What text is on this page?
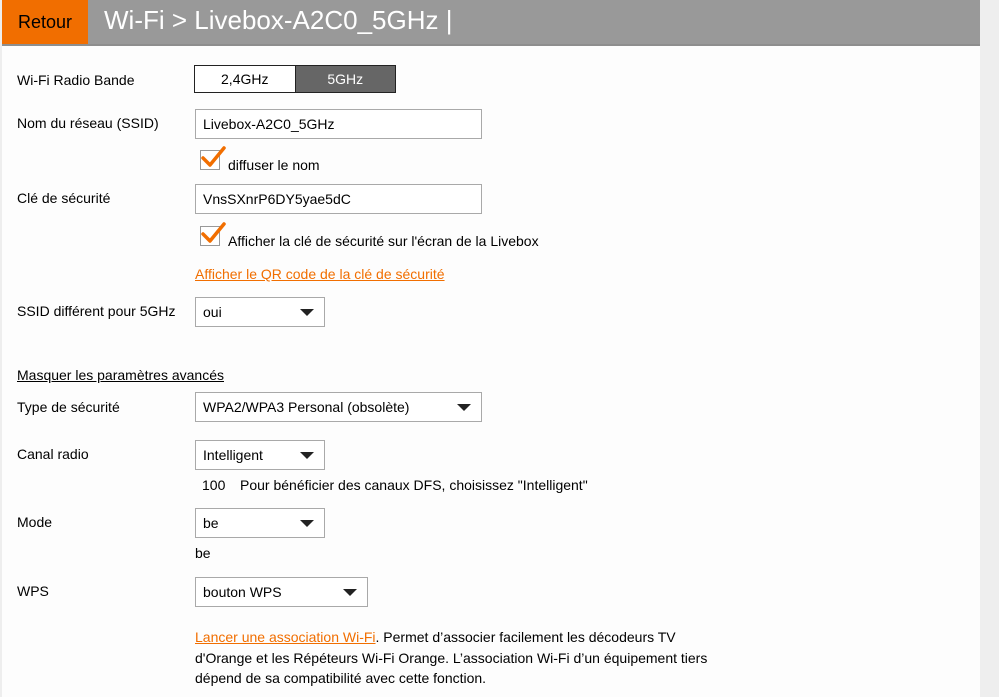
Retour	Wi-Fi > Livebox-A2C0_5GHz |
Wi-Fi Radio Bande	2,4GHz	5GHz
Nom du réseau (SSID)	Livebox-A2C0_5GHz
diffuser le nom
Clé de sécurité	VnsSXnrP6DY5yae5dC
Afficher la clé de sécurité sur l'écran de la Livebox
Afficher le QR code de la clé de sécurité
SSID différent pour 5GHz oui
Masquer les paramètres avancés
Type de sécurité	WPA2/WPA3 Personal (obsolète)
Canal radio	Intelligent
100 Pour bénéficier des canaux DFS, choisissez "Intelligent"
Mode	be
be
WPS	bouton WPS
Lancer une association Wi-Fi. Permet d’associer facilement les décodeurs TV d'Orange et les Répéteurs Wi-Fi Orange. L’association Wi-Fi d’un équipement tiers dépend de sa compatibilité avec cette fonction.
